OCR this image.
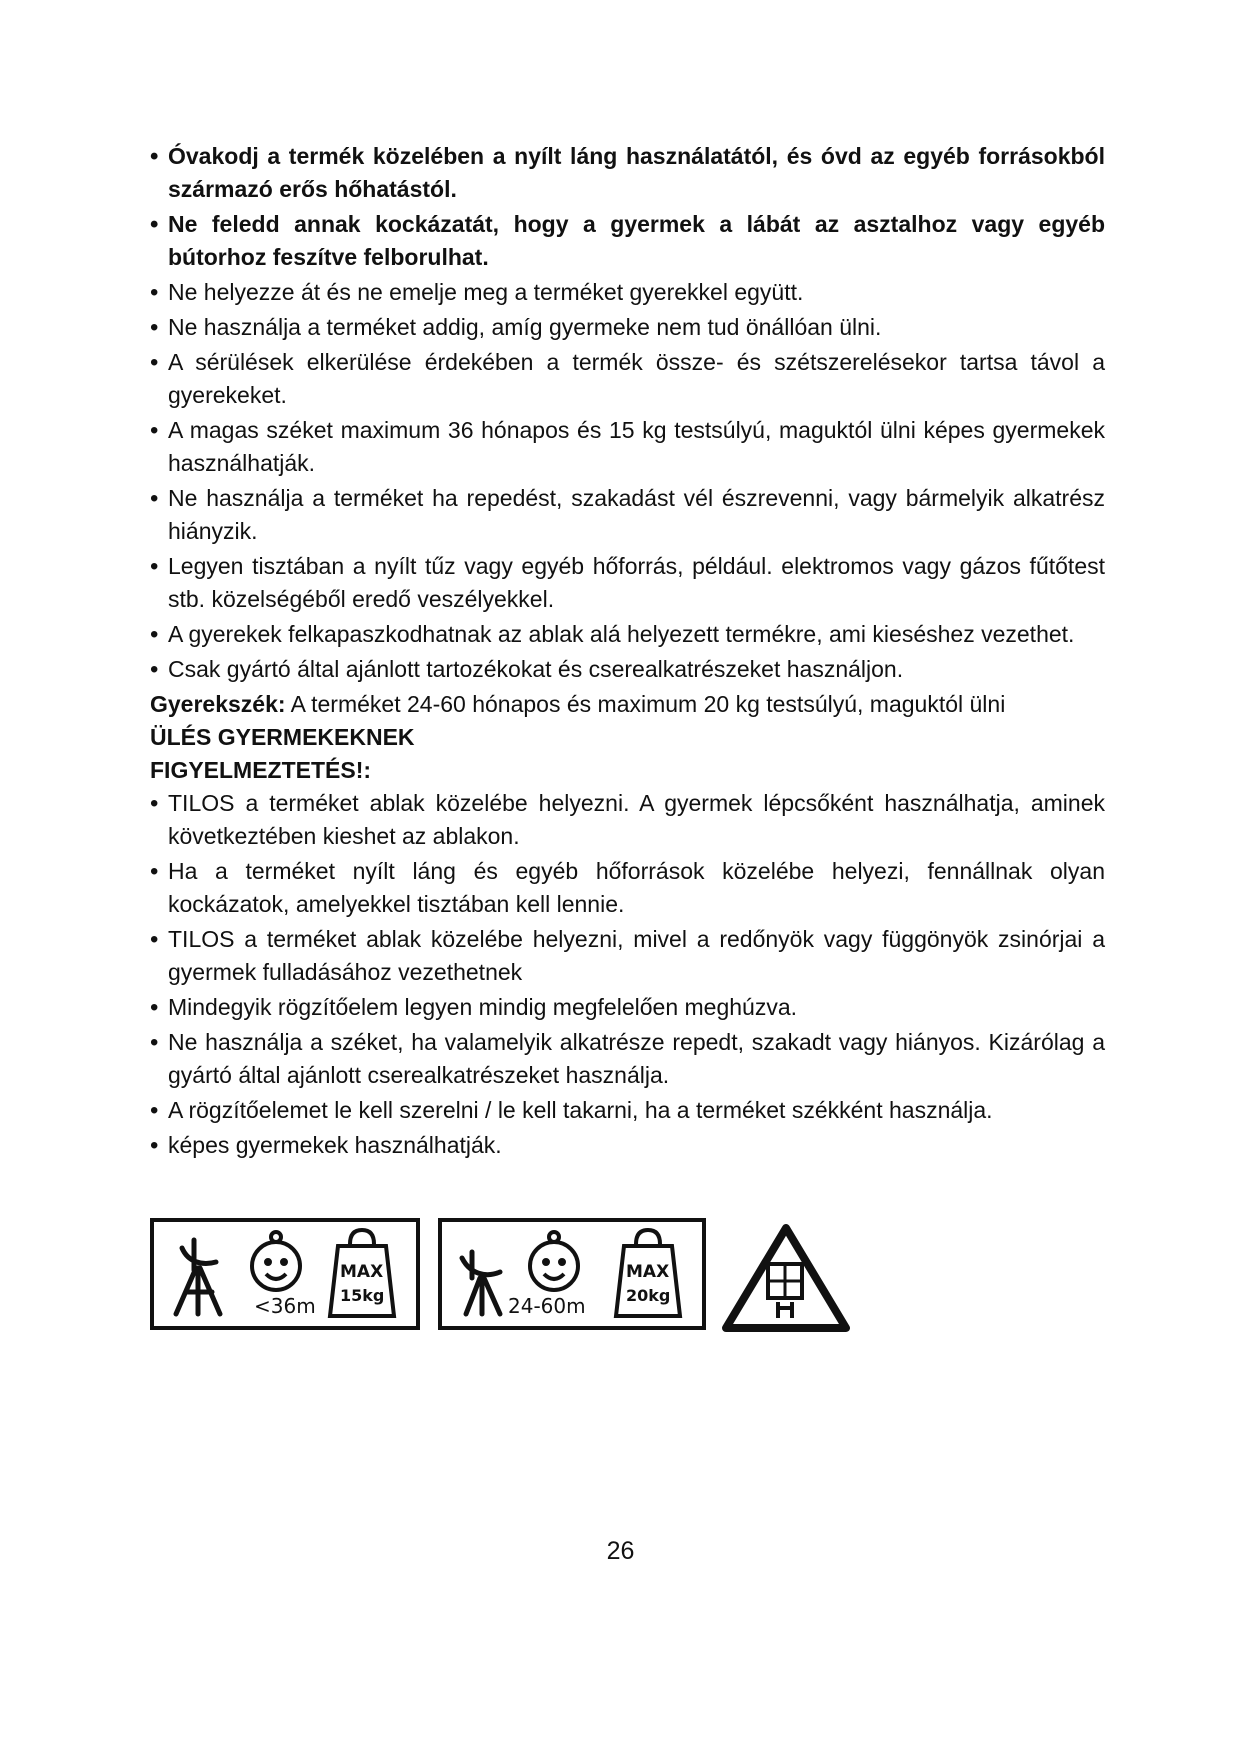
• Óvakodj a termék közelében a nyílt láng használatától, és óvd az egyéb forrásokból származó erős hőhatástól.
• Ne feledd annak kockázatát, hogy a gyermek a lábát az asztalhoz vagy egyéb bútorhoz feszítve felborulhat.
• Ne helyezze át és ne emelje meg a terméket gyerekkel együtt.
• Ne használja a terméket addig, amíg gyermeke nem tud önállóan ülni.
• A sérülések elkerülése érdekében a termék össze- és szétszerelésekor tartsa távol a gyerekeket.
• A magas széket maximum 36 hónapos és 15 kg testsúlyú, maguktól ülni képes gyermekek használhatják.
• Ne használja a terméket ha repedést, szakadást vél észrevenni, vagy bármelyik alkatrész hiányzik.
• Legyen tisztában a nyílt tűz vagy egyéb hőforrás, például. elektromos vagy gázos fűtőtest stb. közelségéből eredő veszélyekkel.
• A gyerekek felkapaszkodhatnak az ablak alá helyezett termékre, ami kieséshez vezethet.
• Csak gyártó által ajánlott tartozékokat és cserealkatrészeket használjon.

Gyerekszék: A terméket 24-60 hónapos és maximum 20 kg testsúlyú, maguktól ülni

ÜLÉS GYERMEKEKNEK

FIGYELMEZTETÉS!:

• TILOS a terméket ablak közelébe helyezni. A gyermek lépcsőként használhatja, aminek következtében kieshet az ablakon.
• Ha a terméket nyílt láng és egyéb hőforrások közelébe helyezi, fennállnak olyan kockázatok, amelyekkel tisztában kell lennie.
• TILOS a terméket ablak közelébe helyezni, mivel a redőnyök vagy függönyök zsinórjai a gyermek fulladásához vezethetnek
• Mindegyik rögzítőelem legyen mindig megfelelően meghúzva.
• Ne használja a széket, ha valamelyik alkatrésze repedt, szakadt vagy hiányos. Kizárólag a gyártó által ajánlott cserealkatrészeket használja.
• A rögzítőelemet le kell szerelni / le kell takarni, ha a terméket székként használja.
• képes gyermekek használhatják.
<36m
MAX
15kg	24-60m
MAX
20kg
26
